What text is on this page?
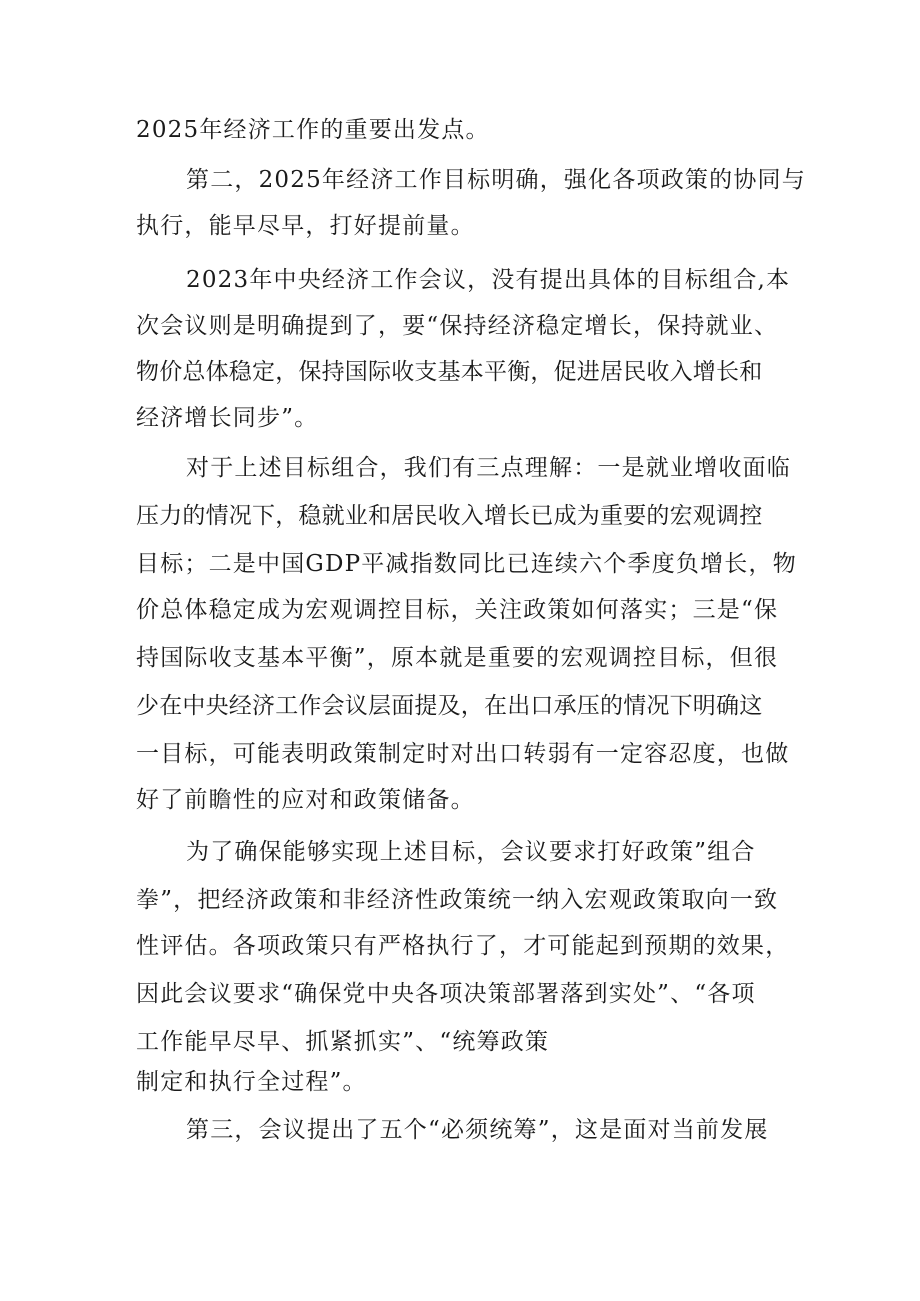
2025年经济工作的重要出发点。

第二，2025年经济工作目标明确，强化各项政策的协同与

执行，能早尽早，打好提前量。

2023年中央经济工作会议，没有提出具体的目标组合,本

次会议则是明确提到了，要“保持经济稳定增长，保持就业、

物价总体稳定，保持国际收支基本平衡，促进居民收入增长和

经济增长同步”。

对于上述目标组合，我们有三点理解：一是就业增收面临

压力的情况下，稳就业和居民收入增长已成为重要的宏观调控

目标；二是中国GDP平减指数同比已连续六个季度负增长，物

价总体稳定成为宏观调控目标，关注政策如何落实；三是“保

持国际收支基本平衡”，原本就是重要的宏观调控目标，但很

少在中央经济工作会议层面提及，在出口承压的情况下明确这

一目标，可能表明政策制定时对出口转弱有一定容忍度，也做

好了前瞻性的应对和政策储备。

为了确保能够实现上述目标，会议要求打好政策”组合

拳”，把经济政策和非经济性政策统一纳入宏观政策取向一致

性评估。各项政策只有严格执行了，才可能起到预期的效果，

因此会议要求“确保党中央各项决策部署落到实处”、“各项

工作能早尽早、抓紧抓实”、“统筹政策

制定和执行全过程”。

第三，会议提出了五个“必须统筹”，这是面对当前发展
